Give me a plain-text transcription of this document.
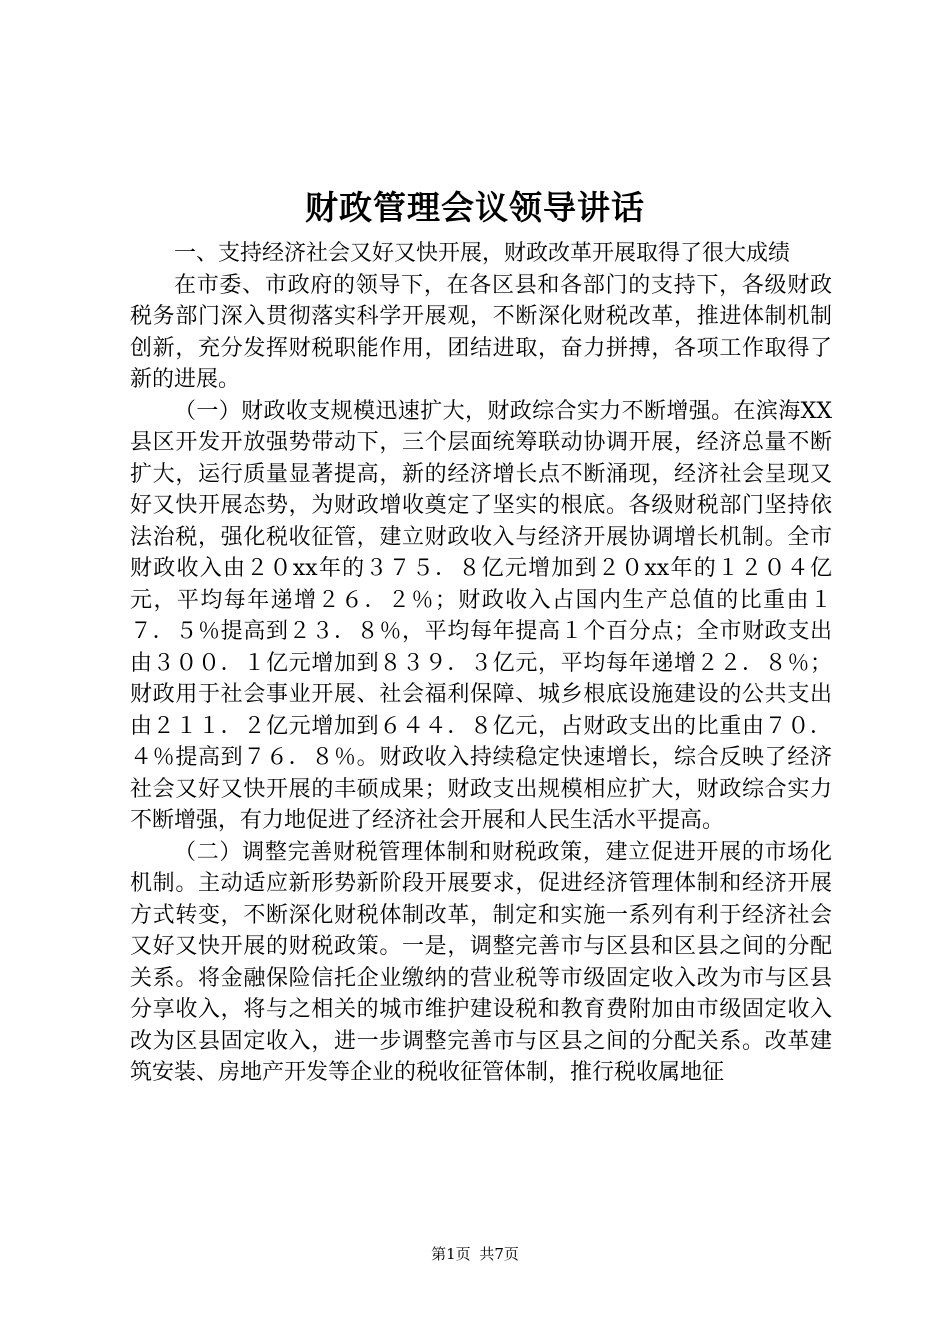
财政管理会议领导讲话

一、支持经济社会又好又快开展，财政改革开展取得了很大成绩

在市委、市政府的领导下，在各区县和各部门的支持下，各级财政税务部门深入贯彻落实科学开展观，不断深化财税改革，推进体制机制创新，充分发挥财税职能作用，团结进取，奋力拼搏，各项工作取得了新的进展。

（一）财政收支规模迅速扩大，财政综合实力不断增强。在滨海XX县区开发开放强势带动下，三个层面统筹联动协调开展，经济总量不断扩大，运行质量显著提高，新的经济增长点不断涌现，经济社会呈现又好又快开展态势，为财政增收奠定了坚实的根底。各级财税部门坚持依法治税，强化税收征管，建立财政收入与经济开展协调增长机制。全市财政收入由２０xx年的３７５．８亿元增加到２０xx年的１２０４亿元，平均每年递增２６．２％；财政收入占国内生产总值的比重由１７．５％提高到２３．８％，平均每年提高１个百分点；全市财政支出由３００．１亿元增加到８３９．３亿元，平均每年递增２２．８％；财政用于社会事业开展、社会福利保障、城乡根底设施建设的公共支出由２１１．２亿元增加到６４４．８亿元，占财政支出的比重由７０．４％提高到７６．８％。财政收入持续稳定快速增长，综合反映了经济社会又好又快开展的丰硕成果；财政支出规模相应扩大，财政综合实力不断增强，有力地促进了经济社会开展和人民生活水平提高。

（二）调整完善财税管理体制和财税政策，建立促进开展的市场化机制。主动适应新形势新阶段开展要求，促进经济管理体制和经济开展方式转变，不断深化财税体制改革，制定和实施一系列有利于经济社会又好又快开展的财税政策。一是，调整完善市与区县和区县之间的分配关系。将金融保险信托企业缴纳的营业税等市级固定收入改为市与区县分享收入，将与之相关的城市维护建设税和教育费附加由市级固定收入改为区县固定收入，进一步调整完善市与区县之间的分配关系。改革建筑安装、房地产开发等企业的税收征管体制，推行税收属地征

第1页 共7页
